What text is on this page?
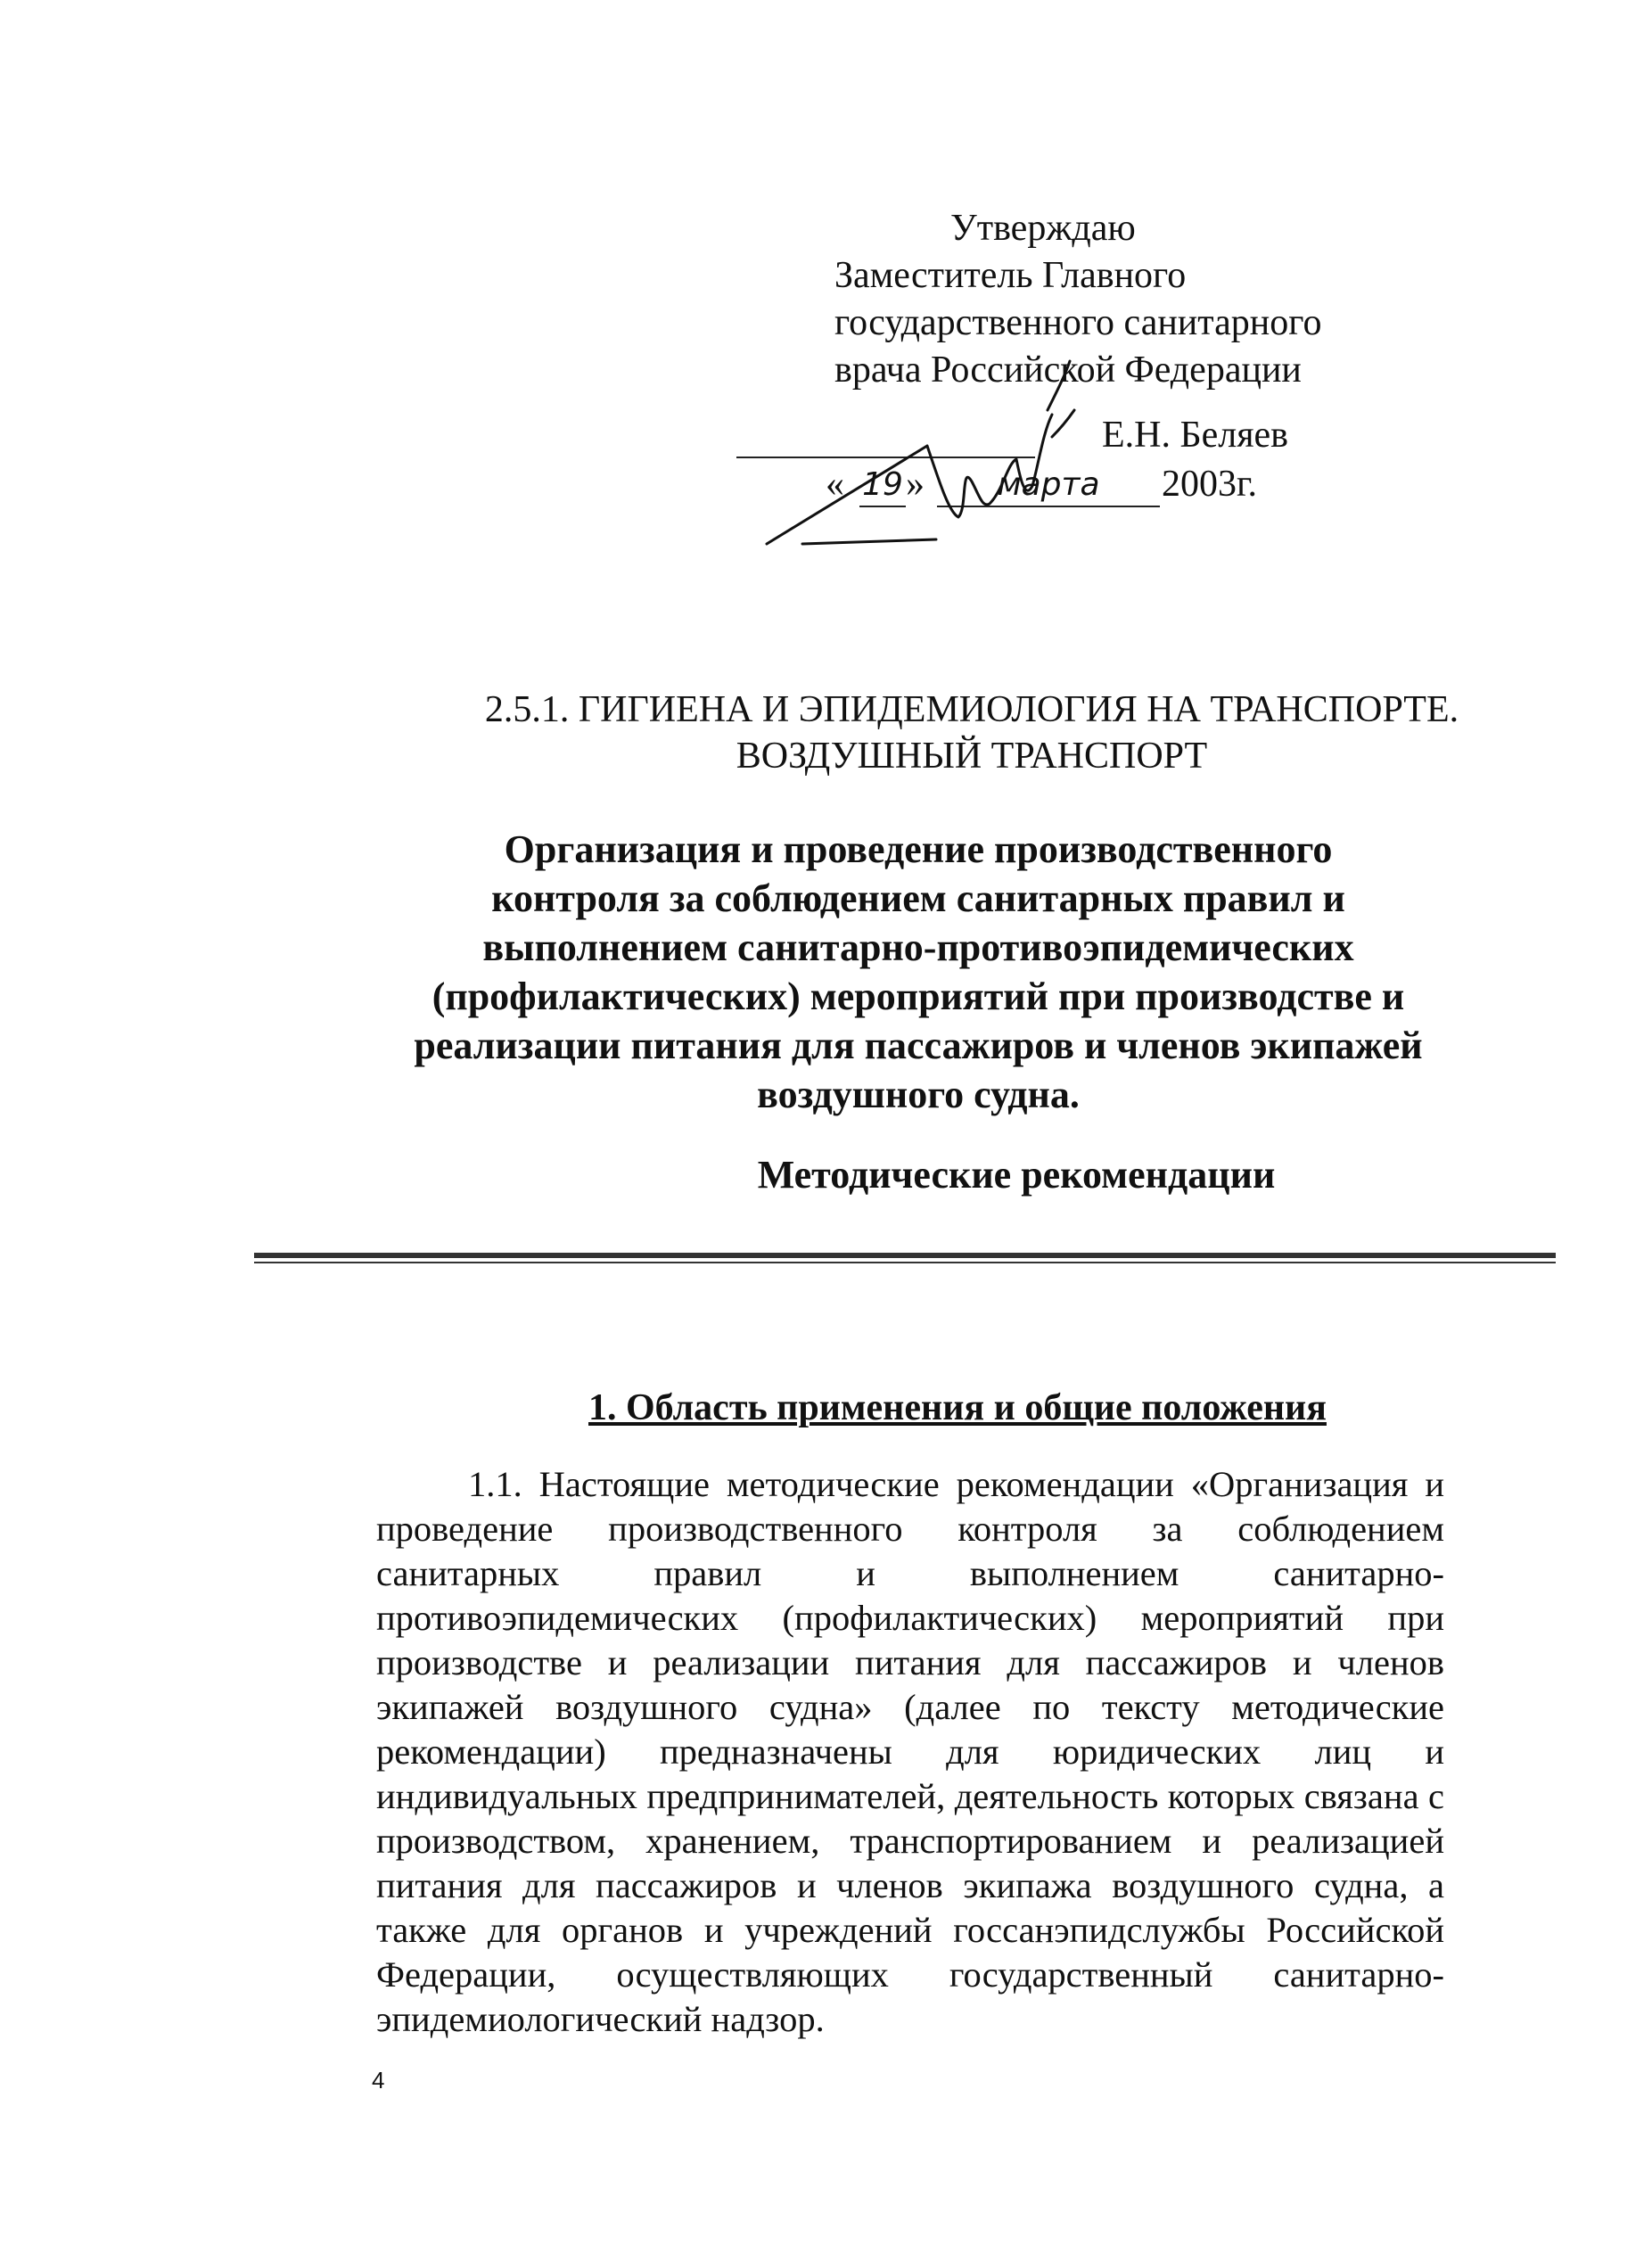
Утверждаю
Заместитель Главного
государственного санитарного
врача Российской Федерации
Е.Н. Беляев
« 19 »	марта	2003г.
2.5.1. ГИГИЕНА И ЭПИДЕМИОЛОГИЯ НА ТРАНСПОРТЕ.
ВОЗДУШНЫЙ ТРАНСПОРТ
Организация и проведение производственного
контроля за соблюдением санитарных правил и
выполнением санитарно-противоэпидемических
(профилактических) мероприятий при производстве и
реализации питания для пассажиров и членов экипажей
воздушного судна.
Методические рекомендации
1. Область применения и общие положения
1.1. Настоящие методические рекомендации «Организация и проведение производственного контроля за соблюдением санитарных правил и выполнением санитарно-противоэпидемических (профилактических) мероприятий при производстве и реализации питания для пассажиров и членов экипажей воздушного судна» (далее по тексту методические рекомендации) предназначены для юридических лиц и индивидуальных предпринимателей, деятельность которых связана с производством, хранением, транспортированием и реализацией питания для пассажиров и членов экипажа воздушного судна, а также для органов и учреждений госсанэпидслужбы Российской Федерации, осуществляющих государственный санитарно-эпидемиологический надзор.
4
